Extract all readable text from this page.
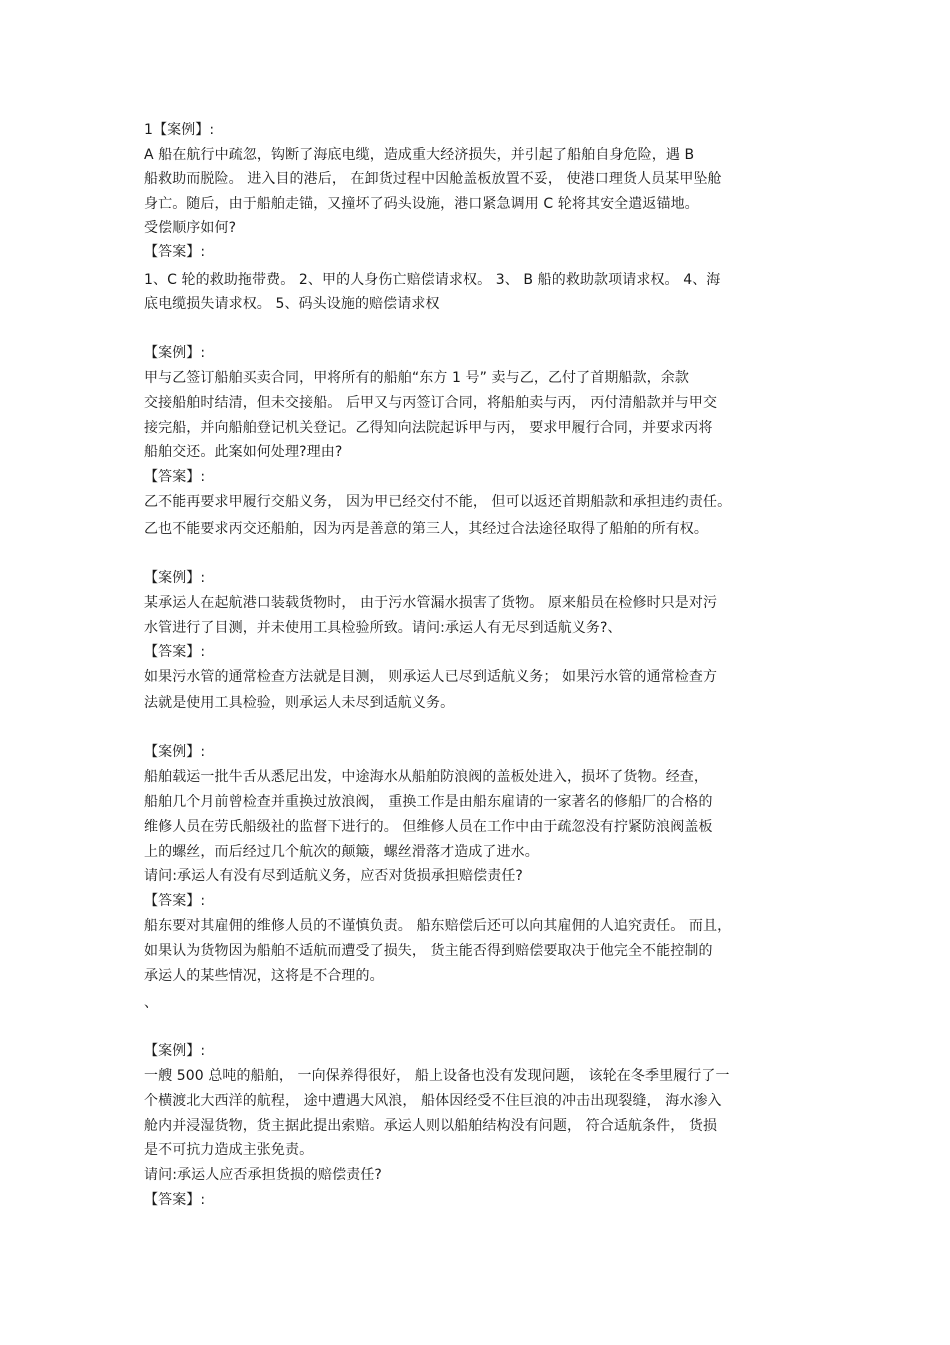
1【案例】:
A 船在航行中疏忽，钩断了海底电缆，造成重大经济损失，并引起了船舶自身危险，遇 B
船救助而脱险。 进入目的港后， 在卸货过程中因舱盖板放置不妥， 使港口理货人员某甲坠舱
身亡。随后，由于船舶走锚，又撞坏了码头设施，港口紧急调用 C 轮将其安全遣返锚地。
受偿顺序如何?
【答案】:
1、C 轮的救助拖带费。 2、甲的人身伤亡赔偿请求权。 3、 B 船的救助款项请求权。 4、海
底电缆损失请求权。 5、码头设施的赔偿请求权
【案例】:
甲与乙签订船舶买卖合同，甲将所有的船舶“东方 1 号” 卖与乙，乙付了首期船款，余款
交接船舶时结清，但未交接船。 后甲又与丙签订合同，将船舶卖与丙， 丙付清船款并与甲交
接完船，并向船舶登记机关登记。乙得知向法院起诉甲与丙， 要求甲履行合同，并要求丙将
船舶交还。此案如何处理?理由?
【答案】:
乙不能再要求甲履行交船义务， 因为甲已经交付不能， 但可以返还首期船款和承担违约责任。
乙也不能要求丙交还船舶，因为丙是善意的第三人，其经过合法途径取得了船舶的所有权。
【案例】:
某承运人在起航港口装载货物时， 由于污水管漏水损害了货物。 原来船员在检修时只是对污
水管进行了目测，并未使用工具检验所致。请问:承运人有无尽到适航义务?、
【答案】:
如果污水管的通常检查方法就是目测， 则承运人已尽到适航义务； 如果污水管的通常检查方
法就是使用工具检验，则承运人未尽到适航义务。
【案例】:
船舶载运一批牛舌从悉尼出发，中途海水从船舶防浪阀的盖板处进入，损坏了货物。经查，
船舶几个月前曾检查并重换过放浪阀， 重换工作是由船东雇请的一家著名的修船厂的合格的
维修人员在劳氏船级社的监督下进行的。 但维修人员在工作中由于疏忽没有拧紧防浪阀盖板
上的螺丝，而后经过几个航次的颠簸，螺丝滑落才造成了进水。
请问:承运人有没有尽到适航义务，应否对货损承担赔偿责任?
【答案】:
船东要对其雇佣的维修人员的不谨慎负责。 船东赔偿后还可以向其雇佣的人追究责任。 而且，
如果认为货物因为船舶不适航而遭受了损失， 货主能否得到赔偿要取决于他完全不能控制的
承运人的某些情况，这将是不合理的。
、
【案例】:
一艘 500 总吨的船舶， 一向保养得很好， 船上设备也没有发现问题， 该轮在冬季里履行了一
个横渡北大西洋的航程， 途中遭遇大风浪， 船体因经受不住巨浪的冲击出现裂缝， 海水渗入
舱内并浸湿货物，货主据此提出索赔。承运人则以船舶结构没有问题， 符合适航条件， 货损
是不可抗力造成主张免责。
请问:承运人应否承担货损的赔偿责任?
【答案】:
